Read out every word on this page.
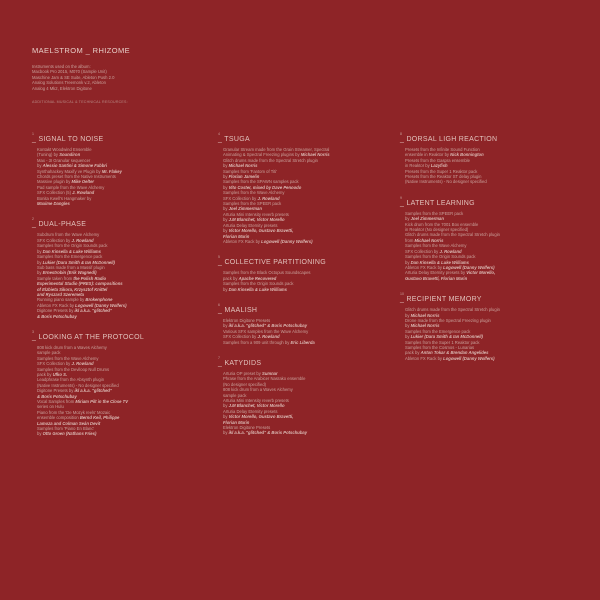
MAELSTROM _ RHIZOME
Instruments used on the album:
Macbook Pro 2015, M070 (Sample Unit)
Maschine Jam & SE Suite, Ableton Push 2.0
Analog Solutions Treemonk v.2, Ableton
Analog 4 Mk2, Elektron Digitone
ADDITIONAL MUSICAL & TECHNICAL RESOURCES:
1
_ SIGNAL TO NOISE
Kontakt Woodwind Ensemble
(Tuning) by Soundiron
Max - 3I Granular sequencer
by Alessio Santini & Simone Fabbri
Synthahackey Maxify ve Plugin by Mr. Flakey
Chords preset from the Native Instruments
Massive plugin by Mike Oelter
Pad sample from the Wave Alchemy
SFX Collection (5) J. Rowland
Bonita Kwell's Hangmaker by
Maxime Dangles
2
_ DUAL-PHASE
Subdrum from the Wave Alchemy
SFX Collection by J. Rowland
Samples from the Origin Sounds pack
by Dan Kinsella & Luke Williams
Samples from the Emergence pack
by Lukier (Dara Smith & Ian McDonnell)
Sub bass made from a Massif plugin
by Ernestrobin (Erik Wagnedl)
Sample taken from the Polish Radio
Experimental Studio (PRES): compositions
of Elzbieta Sikora, Krzysztof Knittel
and Ryszard Szeremeta
Running piano sample by Brokenphone
Ableton FX Rack by Logowell (Danny Wolfers)
Digitone Presets by ikl a.k.a. "glitched"
& Boris Potschubay
3
_ LOOKING AT THE PROTOCOL
808 kick drum from a Waves Alchemy
sample pack
Samples from the Wave Alchemy
SFX Collection by J. Rowland
Samples from the Deviloop Null Drums
pack by Ufko S.
Leadphrase from the Absynth plugin
(Native Instruments) - No designer specified
Digitone Presets by ikl a.k.a. "glitched"
& Boris Potschubay
Vocal Samples from Miriam Pilt in the Close TV
series on Hulu
Piano from the 'De Mozyk reels' Mozaic
ensemble composition Bernd Keil, Philippe
Lamoza and Colman Seán Devit
Samples from 'Piano En Blanc'
by Otto Groen (Nathans Fries)
4
_ TSUGA
Granular Stream made from the Grain Streamer, Spectral
Animating & Spectral Freezing plugins by Michael Norris
Glitch drums made from the Spectral Stretch plugin
by Michael Norris
Samples from 'Fantom of Titi'
by Florian Jamelin
Samples from the SPAWN samples pack
by Vito Coster, mixed by Dave Penoodo
Samples from the Wave Alchemy
SFX Collection by J. Rowland
Samples from the SPEER pack
by Joel Zimmerman
Arturia Mini Intensity reverb presets
by J.M Blanchet, Victor Morello
Arturia Delay Eternity presets
by Victor Morello, Gustavo Bravetti,
Florian Marin
Ableton FX Rack by Logowell (Danny Wolfers)
5
_ COLLECTIVE PARTITIONING
Samples from the Black Octopus Soundscapes
pack by Apache Recovered
Samples from the Origin Sounds pack
by Dan Kinsella & Luke Williams
6
_ MAALISH
Elektron Digitone Presets
by ikl a.k.a. "glitched" & Boris Potschubay
Various SFX samples from the Wave Alchemy
SFX Collection by J. Rowland
Samples from a 909 unit through by Eric Liberda
7
_ KATYDIDS
Arturia OP preset by Sumnar
Phrase from the Arabicer Nasrako ensemble
(No designer specified)
808 kick drum from a Waves Alchemy
sample pack
Arturia Mini Intensity reverb presets
by J.M Blanchet, Victor Morello
Arturia Delay Eternity presets
by Victor Morello, Gustavo Bravetti,
Florian Marin
Elektron Digitone Presets
by ikl a.k.a. "glitched" & Boris Potschubay
8
_ DORSAL LIGH REACTION
Presets from the Infinite Sound Function
ensemble in Reaktor by Nick Bonnington
Presets from the Gaspra ensemble
in Reaktor by Lazyfish
Presets from the Super 1 Reaktor pack
Presets from the Reaktor ST delay plugin
(Native Instruments) - No designer specified
9
_ LATENT LEARNING
Samples from the SPEER pack
by Joel Zimmerman
Kick drum from the 7001 Box ensemble
in Reaktor (No designer specified)
Glitch drums made from the Spectral Stretch plugin
from Michael Norris
Samples from the Wave Alchemy
SFX Collection by J. Rowland
Samples from the Origin Sounds pack
by Dan Kinsella & Luke Williams
Ableton FX Rack by Logowell (Danny Wolfers)
Arturia Delay Eternity presets by Victor Morello,
Gustavo Bravetti, Florian Marin
10
_ RECIPIENT MEMORY
Glitch drums made from the Spectral Stretch plugin
by Michael Norris
Drone made from the Spectral Freezing plugin
by Michael Norris
Samples from the Emergence pack
by Lukier (Dara Smith & Ian McDonnell)
Samples from the Super 1 Reaktor pack
Samples from the Cosmos - Lunarias
pack by Anton Tokar & Brendan Angelides
Ableton FX Rack by Logowell (Danny Wolfers)
